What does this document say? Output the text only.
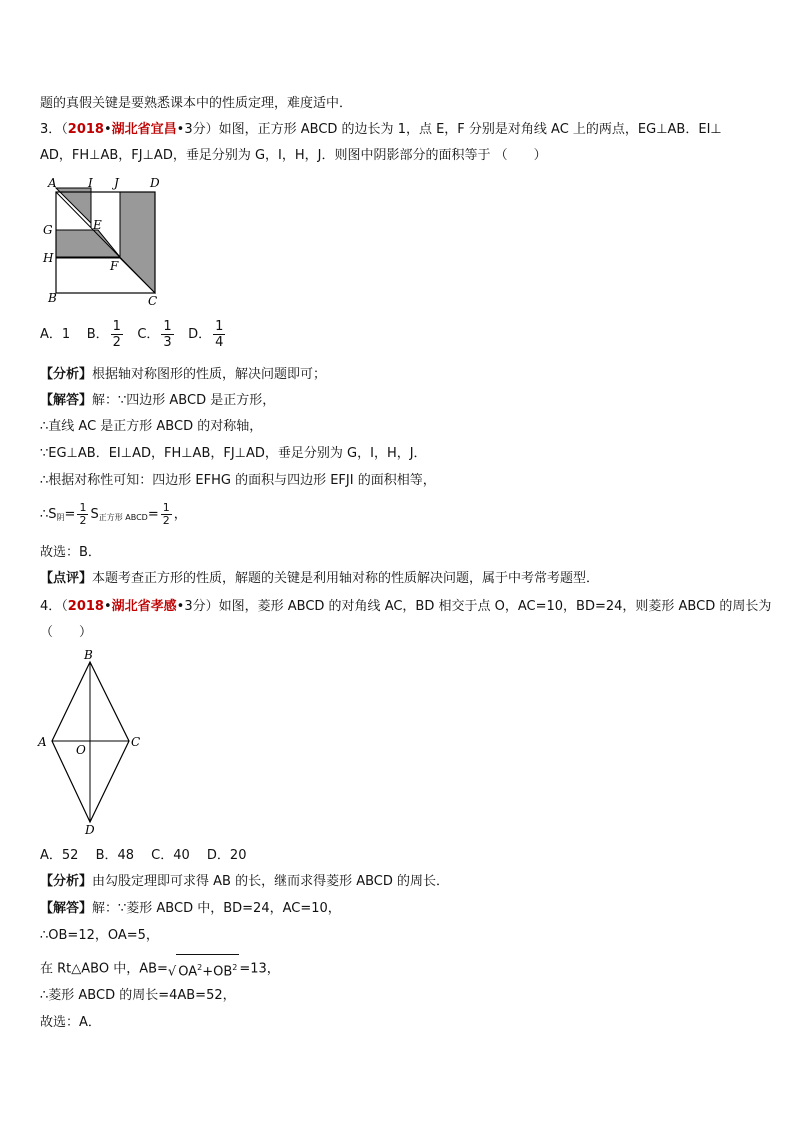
题的真假关键是要熟悉课本中的性质定理，难度适中．
3．（2018•湖北省宜昌•3分）如图，正方形 ABCD 的边长为 1，点 E，F 分别是对角线 AC 上的两点，EG⊥AB．EI⊥
AD，FH⊥AB，FJ⊥AD，垂足分别为 G，I，H，J．则图中阴影部分的面积等于 （　　）
A	I J	D
G	E
H
F
B	C
A．1 B． $\frac{1}{2}$ C． $\frac{1}{3}$ D． $\frac{1}{4}$
【分析】根据轴对称图形的性质，解决问题即可；
【解答】解：∵四边形 ABCD 是正方形，
∴直线 AC 是正方形 ABCD 的对称轴，
∵EG⊥AB．EI⊥AD，FH⊥AB，FJ⊥AD，垂足分别为 G，I，H，J．
∴根据对称性可知：四边形 EFHG 的面积与四边形 EFJI 的面积相等，
$\therefore S_阴= \frac{1}{2} S_{正方形 ABCD}= \frac{1}{2}$ ，
故选：B．
【点评】本题考查正方形的性质，解题的关键是利用轴对称的性质解决问题，属于中考常考题型．
4．（2018•湖北省孝感•3分）如图，菱形 ABCD 的对角线 AC，BD 相交于点 O，AC=10，BD=24，则菱形 ABCD 的周长为
（　　）
B
A	C
O
D
A．52　 B．48　 C．40　 D．20
【分析】由勾股定理即可求得 AB 的长，继而求得菱形 ABCD 的周长．
【解答】解：∵菱形 ABCD 中，BD=24，AC=10，
∴OB=12，OA=5，
在 Rt△ABO 中，AB=√ $OA^2+OB^2 =13$，
∴菱形 ABCD 的周长=4AB=52，
故选：A．
